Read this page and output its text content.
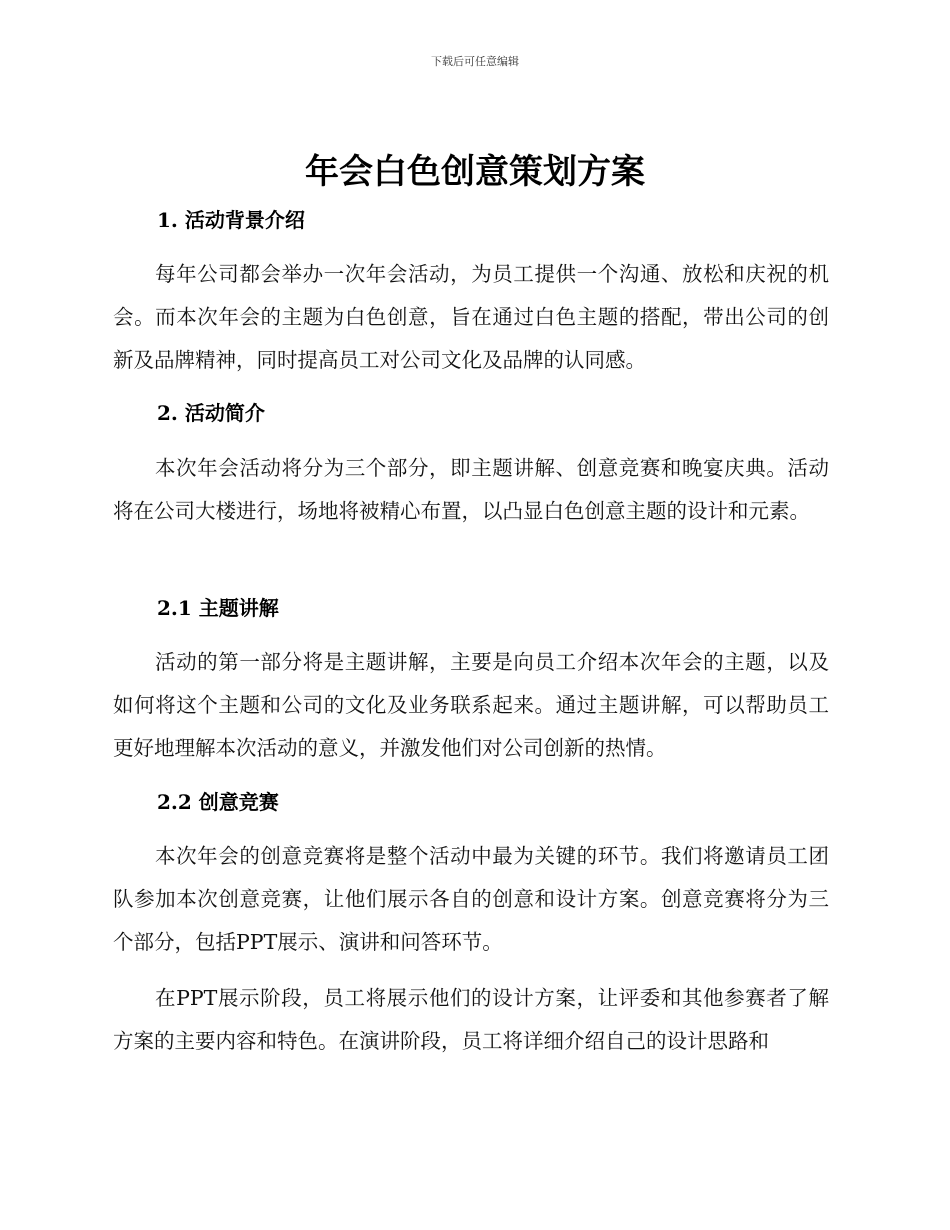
下载后可任意编辑
年会白色创意策划方案
1. 活动背景介绍

每年公司都会举办一次年会活动，为员工提供一个沟通、放松和庆祝的机会。而本次年会的主题为白色创意，旨在通过白色主题的搭配，带出公司的创新及品牌精神，同时提高员工对公司文化及品牌的认同感。

2. 活动简介

本次年会活动将分为三个部分，即主题讲解、创意竞赛和晚宴庆典。活动将在公司大楼进行，场地将被精心布置，以凸显白色创意主题的设计和元素。

2.1 主题讲解

活动的第一部分将是主题讲解，主要是向员工介绍本次年会的主题，以及如何将这个主题和公司的文化及业务联系起来。通过主题讲解，可以帮助员工更好地理解本次活动的意义，并激发他们对公司创新的热情。

2.2 创意竞赛

本次年会的创意竞赛将是整个活动中最为关键的环节。我们将邀请员工团队参加本次创意竞赛，让他们展示各自的创意和设计方案。创意竞赛将分为三个部分，包括PPT展示、演讲和问答环节。

在PPT展示阶段，员工将展示他们的设计方案，让评委和其他参赛者了解方案的主要内容和特色。在演讲阶段，员工将详细介绍自己的设计思路和
